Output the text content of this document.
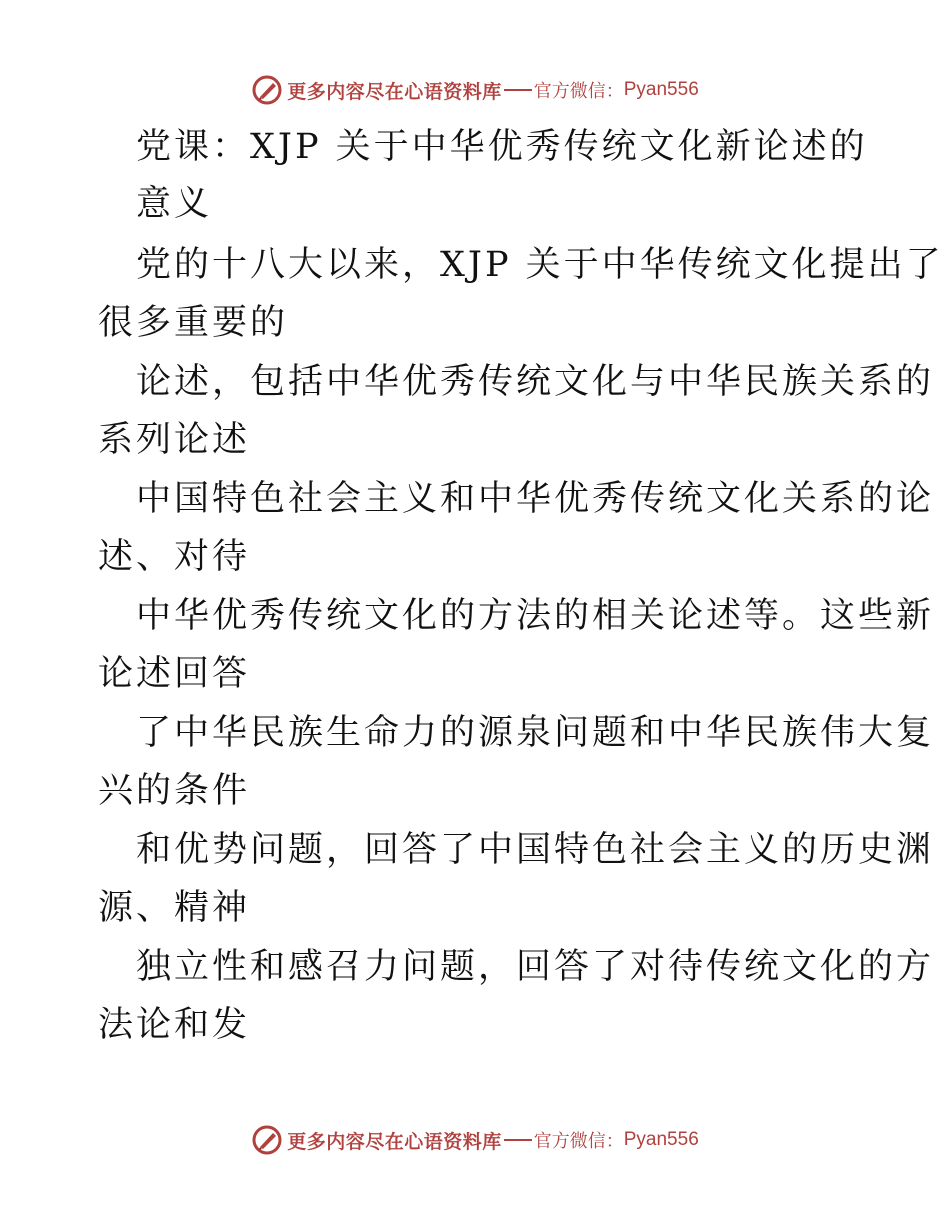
更多内容尽在心语资料库 官方微信： Pyan556
党课：XJP 关于中华优秀传统文化新论述的
意义
党的十八大以来，XJP 关于中华传统文化提出了
很多重要的
论述，包括中华优秀传统文化与中华民族关系的
系列论述
中国特色社会主义和中华优秀传统文化关系的论
述、对待
中华优秀传统文化的方法的相关论述等。这些新
论述回答
了中华民族生命力的源泉问题和中华民族伟大复
兴的条件
和优势问题，回答了中国特色社会主义的历史渊
源、精神
独立性和感召力问题，回答了对待传统文化的方
法论和发
更多内容尽在心语资料库 官方微信： Pyan556
